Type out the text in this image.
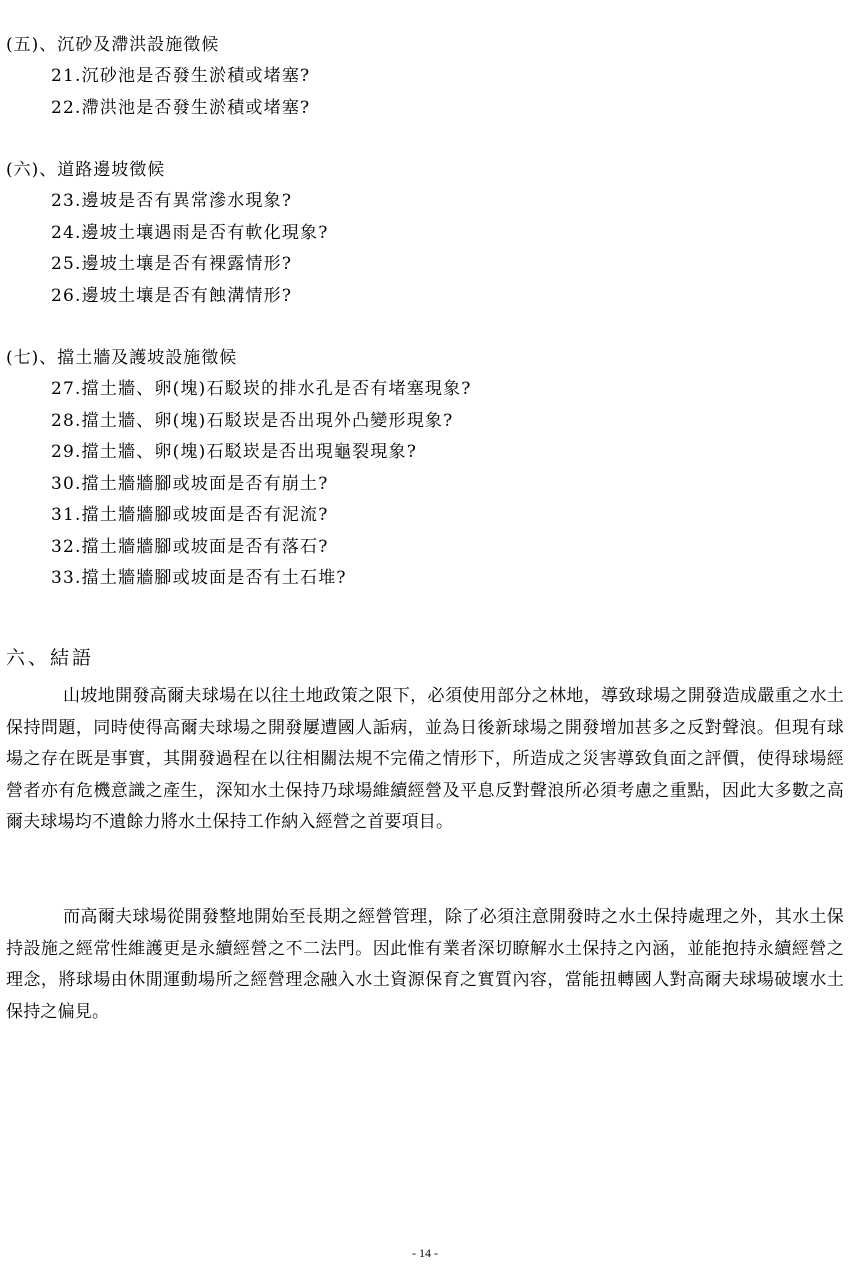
(五)、沉砂及滯洪設施徵候
21.沉砂池是否發生淤積或堵塞?
22.滯洪池是否發生淤積或堵塞?
(六)、道路邊坡徵候
23.邊坡是否有異常滲水現象?
24.邊坡土壤遇雨是否有軟化現象?
25.邊坡土壤是否有裸露情形?
26.邊坡土壤是否有蝕溝情形?
(七)、擋土牆及護坡設施徵候
27.擋土牆、卵(塊)石駁崁的排水孔是否有堵塞現象?
28.擋土牆、卵(塊)石駁崁是否出現外凸變形現象?
29.擋土牆、卵(塊)石駁崁是否出現龜裂現象?
30.擋土牆牆腳或坡面是否有崩土?
31.擋土牆牆腳或坡面是否有泥流?
32.擋土牆牆腳或坡面是否有落石?
33.擋土牆牆腳或坡面是否有土石堆?
六、結語

山坡地開發高爾夫球場在以往土地政策之限下，必須使用部分之林地，導致球場之開發造成嚴重之水土保持問題，同時使得高爾夫球場之開發屢遭國人詬病，並為日後新球場之開發增加甚多之反對聲浪。但現有球場之存在既是事實，其開發過程在以往相關法規不完備之情形下，所造成之災害導致負面之評價，使得球場經營者亦有危機意識之產生，深知水土保持乃球場維續經營及平息反對聲浪所必須考慮之重點，因此大多數之高爾夫球場均不遺餘力將水土保持工作納入經營之首要項目。

而高爾夫球場從開發整地開始至長期之經營管理，除了必須注意開發時之水土保持處理之外，其水土保持設施之經常性維護更是永續經營之不二法門。因此惟有業者深切瞭解水土保持之內涵，並能抱持永續經營之理念，將球場由休閒運動場所之經營理念融入水土資源保育之實質內容，當能扭轉國人對高爾夫球場破壞水土保持之偏見。

- 14 -
